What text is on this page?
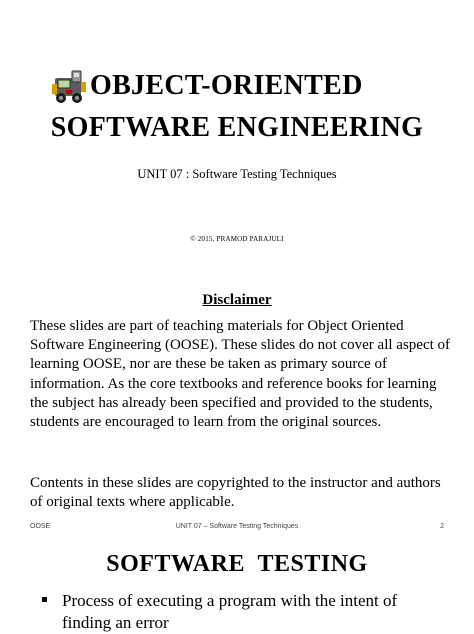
OBJECT-ORIENTED
SOFTWARE ENGINEERING
UNIT 07 : Software Testing Techniques
© 2015, PRAMOD PARAJULI
Disclaimer
These slides are part of teaching materials for Object Oriented Software Engineering (OOSE). These slides do not cover all aspect of learning OOSE, nor are these be taken as primary source of information. As the core textbooks and reference books for learning the subject has already been specified and provided to the students, students are encouraged to learn from the original sources.
Contents in these slides are copyrighted to the instructor and authors of original texts where applicable.
OOSE	UNIT 07 – Software Testing Techniques	2
SOFTWARE  TESTING
Process of executing a program with the intent of finding an error
